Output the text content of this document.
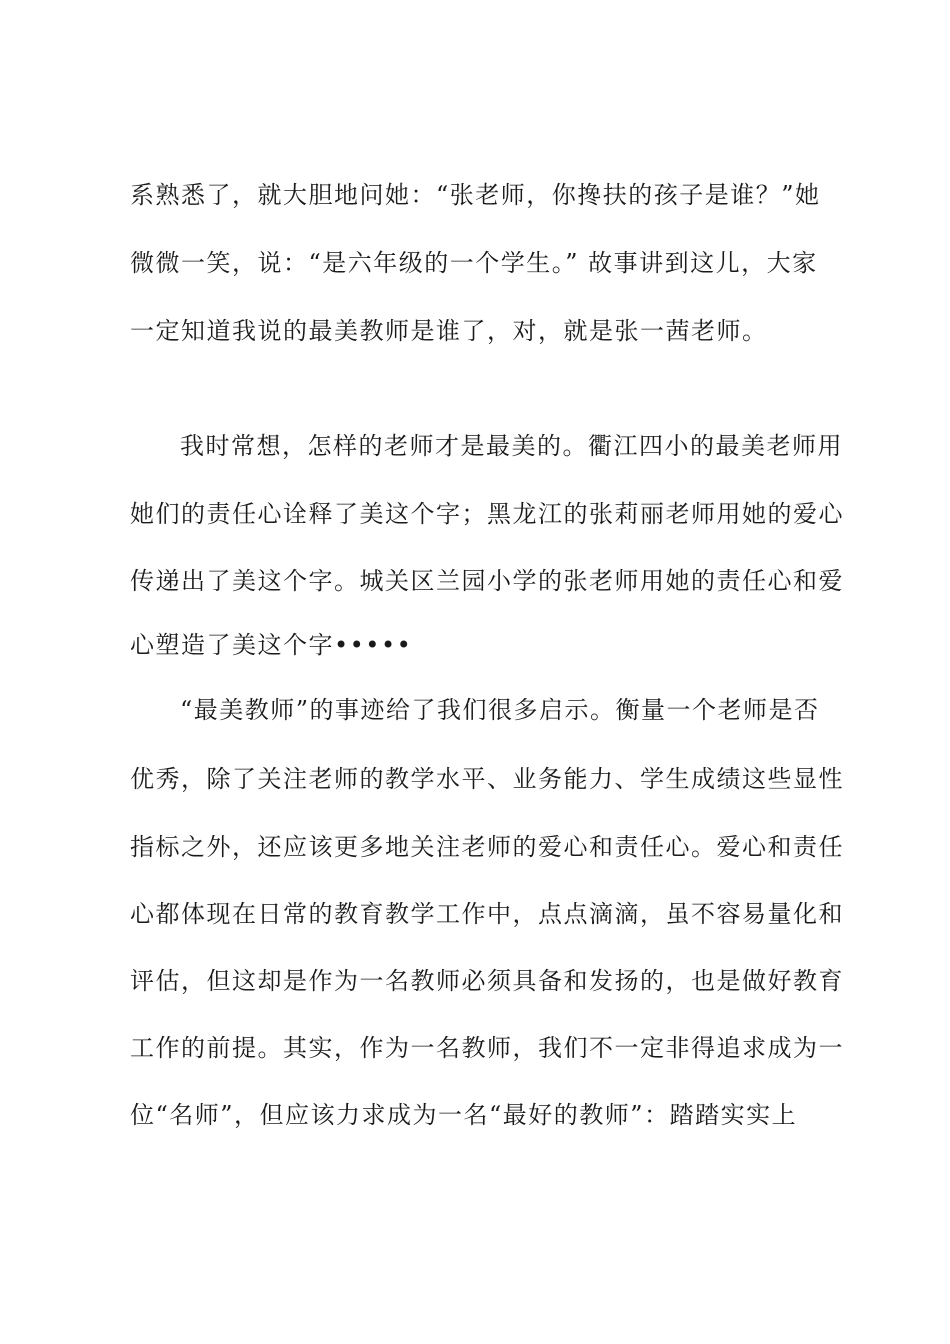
系熟悉了，就大胆地问她：“张老师，你搀扶的孩子是谁？”她
微微一笑，说：“是六年级的一个学生。” 故事讲到这儿，大家
一定知道我说的最美教师是谁了，对，就是张一茜老师。
我时常想，怎样的老师才是最美的。衢江四小的最美老师用
她们的责任心诠释了美这个字；黑龙江的张莉丽老师用她的爱心
传递出了美这个字。城关区兰园小学的张老师用她的责任心和爱
心塑造了美这个字•••••
“最美教师”的事迹给了我们很多启示。衡量一个老师是否
优秀，除了关注老师的教学水平、业务能力、学生成绩这些显性
指标之外，还应该更多地关注老师的爱心和责任心。爱心和责任
心都体现在日常的教育教学工作中，点点滴滴，虽不容易量化和
评估，但这却是作为一名教师必须具备和发扬的，也是做好教育
工作的前提。其实，作为一名教师，我们不一定非得追求成为一
位“名师”，但应该力求成为一名“最好的教师”：踏踏实实上
